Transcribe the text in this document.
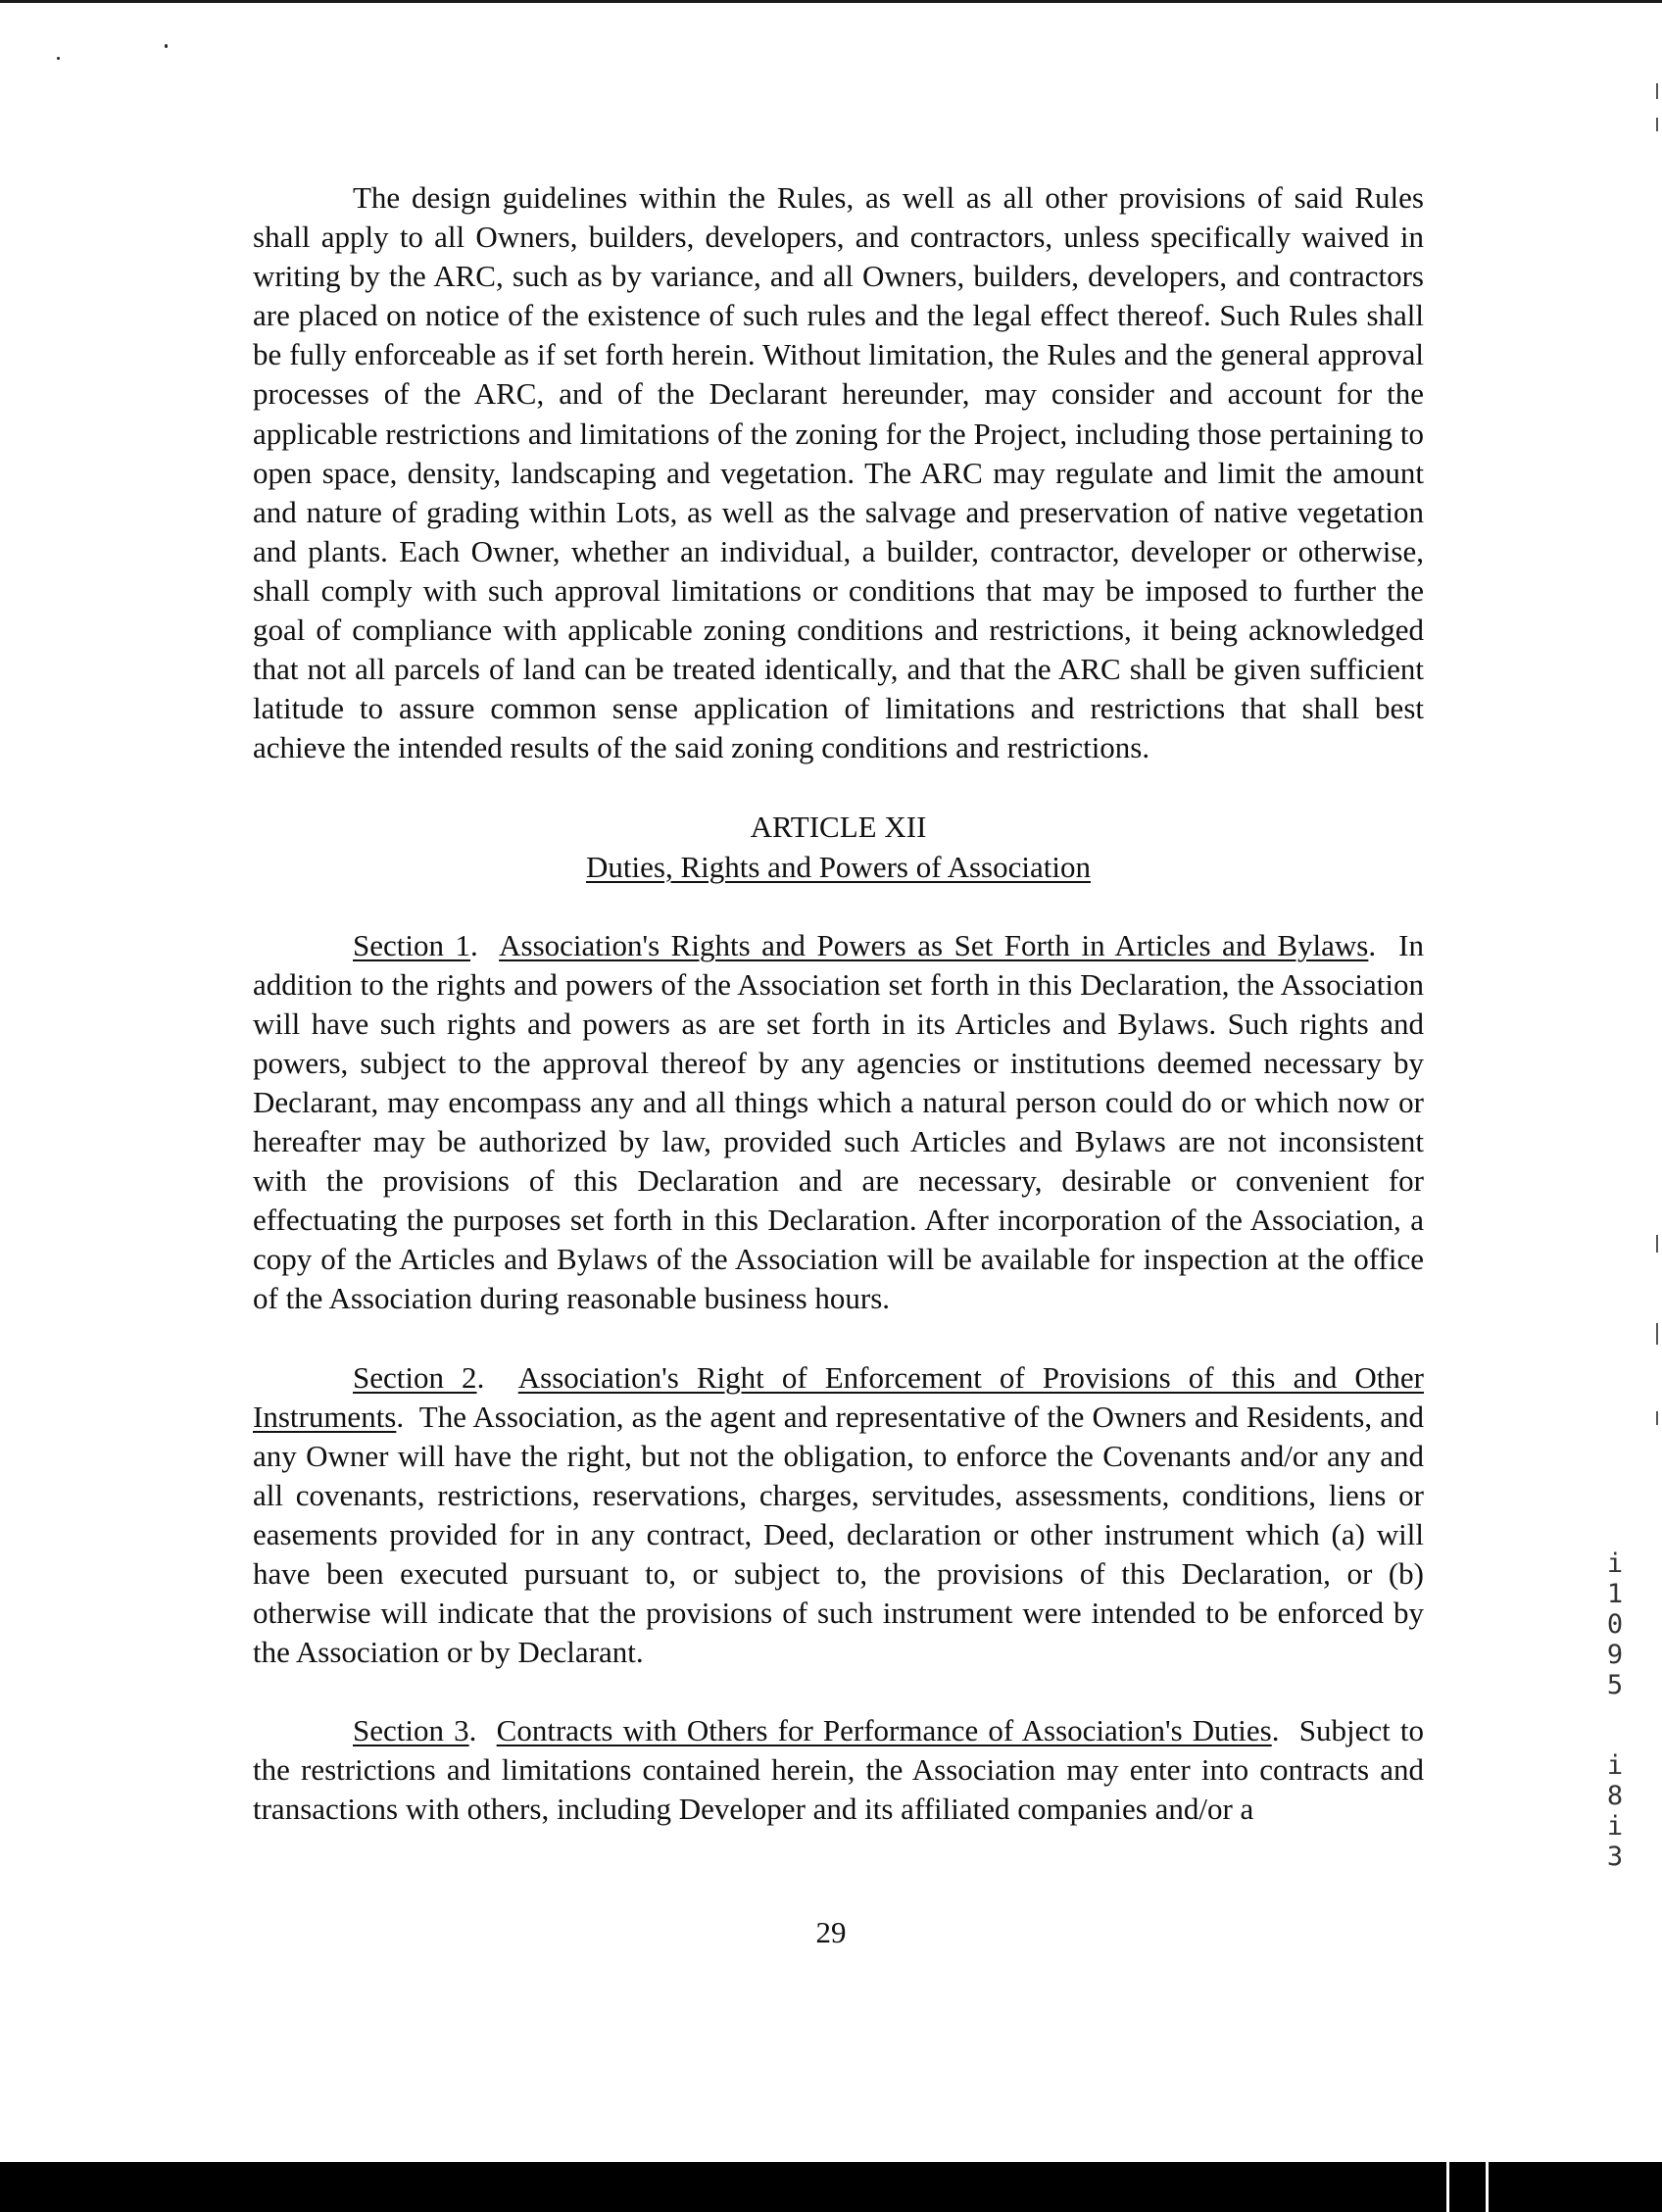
The design guidelines within the Rules, as well as all other provisions of said Rules shall apply to all Owners, builders, developers, and contractors, unless specifically waived in writing by the ARC, such as by variance, and all Owners, builders, developers, and contractors are placed on notice of the existence of such rules and the legal effect thereof. Such Rules shall be fully enforceable as if set forth herein. Without limitation, the Rules and the general approval processes of the ARC, and of the Declarant hereunder, may consider and account for the applicable restrictions and limitations of the zoning for the Project, including those pertaining to open space, density, landscaping and vegetation. The ARC may regulate and limit the amount and nature of grading within Lots, as well as the salvage and preservation of native vegetation and plants. Each Owner, whether an individual, a builder, contractor, developer or otherwise, shall comply with such approval limitations or conditions that may be imposed to further the goal of compliance with applicable zoning conditions and restrictions, it being acknowledged that not all parcels of land can be treated identically, and that the ARC shall be given sufficient latitude to assure common sense application of limitations and restrictions that shall best achieve the intended results of the said zoning conditions and restrictions.

ARTICLE XII
Duties, Rights and Powers of Association

Section 1.  Association's Rights and Powers as Set Forth in Articles and Bylaws.  In addition to the rights and powers of the Association set forth in this Declaration, the Association will have such rights and powers as are set forth in its Articles and Bylaws. Such rights and powers, subject to the approval thereof by any agencies or institutions deemed necessary by Declarant, may encompass any and all things which a natural person could do or which now or hereafter may be authorized by law, provided such Articles and Bylaws are not inconsistent with the provisions of this Declaration and are necessary, desirable or convenient for effectuating the purposes set forth in this Declaration. After incorporation of the Association, a copy of the Articles and Bylaws of the Association will be available for inspection at the office of the Association during reasonable business hours.

Section 2.  Association's Right of Enforcement of Provisions of this and Other Instruments.  The Association, as the agent and representative of the Owners and Residents, and any Owner will have the right, but not the obligation, to enforce the Covenants and/or any and all covenants, restrictions, reservations, charges, servitudes, assessments, conditions, liens or easements provided for in any contract, Deed, declaration or other instrument which (a) will have been executed pursuant to, or subject to, the provisions of this Declaration, or (b) otherwise will indicate that the provisions of such instrument were intended to be enforced by the Association or by Declarant.

Section 3.  Contracts with Others for Performance of Association's Duties.  Subject to the restrictions and limitations contained herein, the Association may enter into contracts and transactions with others, including Developer and its affiliated companies and/or a

29
i
1
0
9
5
i
8
i
3
